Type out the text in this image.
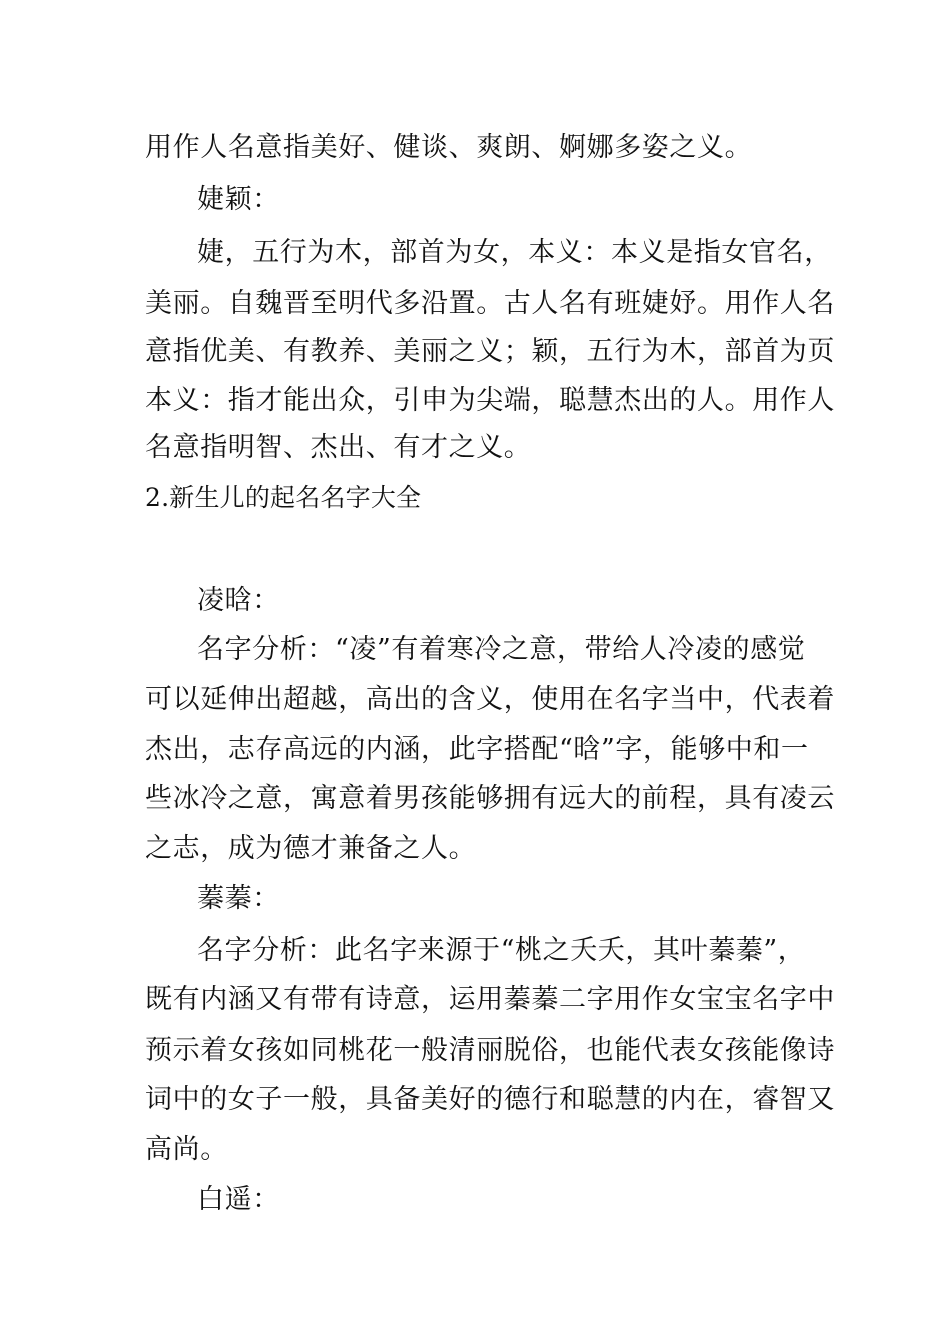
用作人名意指美好、健谈、爽朗、婀娜多姿之义。
婕颖：
婕，五行为木，部首为女，本义：本义是指女官名，
美丽。自魏晋至明代多沿置。古人名有班婕妤。用作人名
意指优美、有教养、美丽之义；颖，五行为木，部首为页
本义：指才能出众，引申为尖端，聪慧杰出的人。用作人
名意指明智、杰出、有才之义。
2.新生儿的起名名字大全
凌晗：
名字分析：“凌”有着寒冷之意，带给人冷凌的感觉
可以延伸出超越，高出的含义，使用在名字当中，代表着
杰出，志存高远的内涵，此字搭配“晗”字，能够中和一
些冰冷之意，寓意着男孩能够拥有远大的前程，具有凌云
之志，成为德才兼备之人。
蓁蓁：
名字分析：此名字来源于“桃之夭夭，其叶蓁蓁”，
既有内涵又有带有诗意，运用蓁蓁二字用作女宝宝名字中
预示着女孩如同桃花一般清丽脱俗，也能代表女孩能像诗
词中的女子一般，具备美好的德行和聪慧的内在，睿智又
高尚。
白遥：
